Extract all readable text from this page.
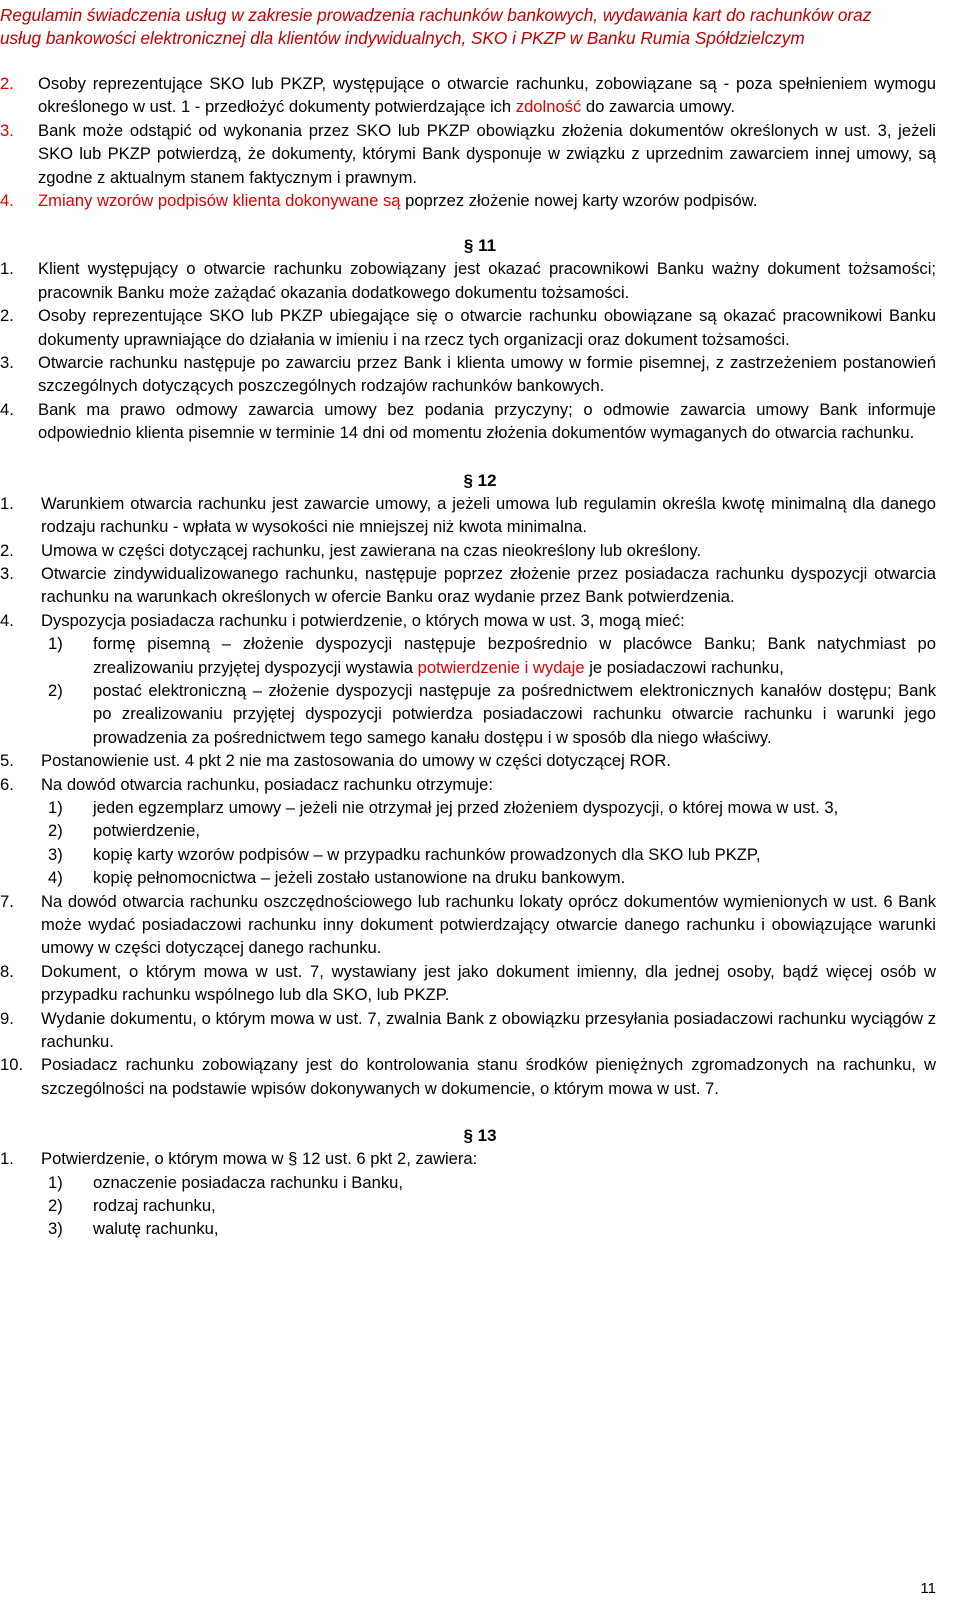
Regulamin świadczenia usług w zakresie prowadzenia rachunków bankowych, wydawania kart do rachunków oraz
usług bankowości elektronicznej dla klientów indywidualnych, SKO i PKZP w Banku Rumia Spółdzielczym
2. Osoby reprezentujące SKO lub PKZP, występujące o otwarcie rachunku, zobowiązane są - poza spełnieniem wymogu określonego w ust. 1 - przedłożyć dokumenty potwierdzające ich zdolność do zawarcia umowy.
3. Bank może odstąpić od wykonania przez SKO lub PKZP obowiązku złożenia dokumentów określonych w ust. 3, jeżeli SKO lub PKZP potwierdzą, że dokumenty, którymi Bank dysponuje w związku z uprzednim zawarciem innej umowy, są zgodne z aktualnym stanem faktycznym i prawnym.
4. Zmiany wzorów podpisów klienta dokonywane są poprzez złożenie nowej karty wzorów podpisów.
§ 11
1. Klient występujący o otwarcie rachunku zobowiązany jest okazać pracownikowi Banku ważny dokument tożsamości; pracownik Banku może zażądać okazania dodatkowego dokumentu tożsamości.
2. Osoby reprezentujące SKO lub PKZP ubiegające się o otwarcie rachunku obowiązane są okazać pracownikowi Banku dokumenty uprawniające do działania w imieniu i na rzecz tych organizacji oraz dokument tożsamości.
3. Otwarcie rachunku następuje po zawarciu przez Bank i klienta umowy w formie pisemnej, z zastrzeżeniem postanowień szczególnych dotyczących poszczególnych rodzajów rachunków bankowych.
4. Bank ma prawo odmowy zawarcia umowy bez podania przyczyny; o odmowie zawarcia umowy Bank informuje odpowiednio klienta pisemnie w terminie 14 dni od momentu złożenia dokumentów wymaganych do otwarcia rachunku.
§ 12
1. Warunkiem otwarcia rachunku jest zawarcie umowy, a jeżeli umowa lub regulamin określa kwotę minimalną dla danego rodzaju rachunku - wpłata w wysokości nie mniejszej niż kwota minimalna.
2. Umowa w części dotyczącej rachunku, jest zawierana na czas nieokreślony lub określony.
3. Otwarcie zindywidualizowanego rachunku, następuje poprzez złożenie przez posiadacza rachunku dyspozycji otwarcia rachunku na warunkach określonych w ofercie Banku oraz wydanie przez Bank potwierdzenia.
4. Dyspozycja posiadacza rachunku i potwierdzenie, o których mowa w ust. 3, mogą mieć:
1) formę pisemną – złożenie dyspozycji następuje bezpośrednio w placówce Banku; Bank natychmiast po zrealizowaniu przyjętej dyspozycji wystawia potwierdzenie i wydaje je posiadaczowi rachunku,
2) postać elektroniczną – złożenie dyspozycji następuje za pośrednictwem elektronicznych kanałów dostępu; Bank po zrealizowaniu przyjętej dyspozycji potwierdza posiadaczowi rachunku otwarcie rachunku i warunki jego prowadzenia za pośrednictwem tego samego kanału dostępu i w sposób dla niego właściwy.
5. Postanowienie ust. 4 pkt 2 nie ma zastosowania do umowy w części dotyczącej ROR.
6. Na dowód otwarcia rachunku, posiadacz rachunku otrzymuje:
1) jeden egzemplarz umowy – jeżeli nie otrzymał jej przed złożeniem dyspozycji, o której mowa w ust. 3,
2) potwierdzenie,
3) kopię karty wzorów podpisów – w przypadku rachunków prowadzonych dla SKO lub PKZP,
4) kopię pełnomocnictwa – jeżeli zostało ustanowione na druku bankowym.
7. Na dowód otwarcia rachunku oszczędnościowego lub rachunku lokaty oprócz dokumentów wymienionych w ust. 6 Bank może wydać posiadaczowi rachunku inny dokument potwierdzający otwarcie danego rachunku i obowiązujące warunki umowy w części dotyczącej danego rachunku.
8. Dokument, o którym mowa w ust. 7, wystawiany jest jako dokument imienny, dla jednej osoby, bądź więcej osób w przypadku rachunku wspólnego lub dla SKO, lub PKZP.
9. Wydanie dokumentu, o którym mowa w ust. 7, zwalnia Bank z obowiązku przesyłania posiadaczowi rachunku wyciągów z rachunku.
10. Posiadacz rachunku zobowiązany jest do kontrolowania stanu środków pieniężnych zgromadzonych na rachunku, w szczególności na podstawie wpisów dokonywanych w dokumencie, o którym mowa w ust. 7.
§ 13
1. Potwierdzenie, o którym mowa w § 12 ust. 6 pkt 2, zawiera:
1) oznaczenie posiadacza rachunku i Banku,
2) rodzaj rachunku,
3) walutę rachunku,
11
